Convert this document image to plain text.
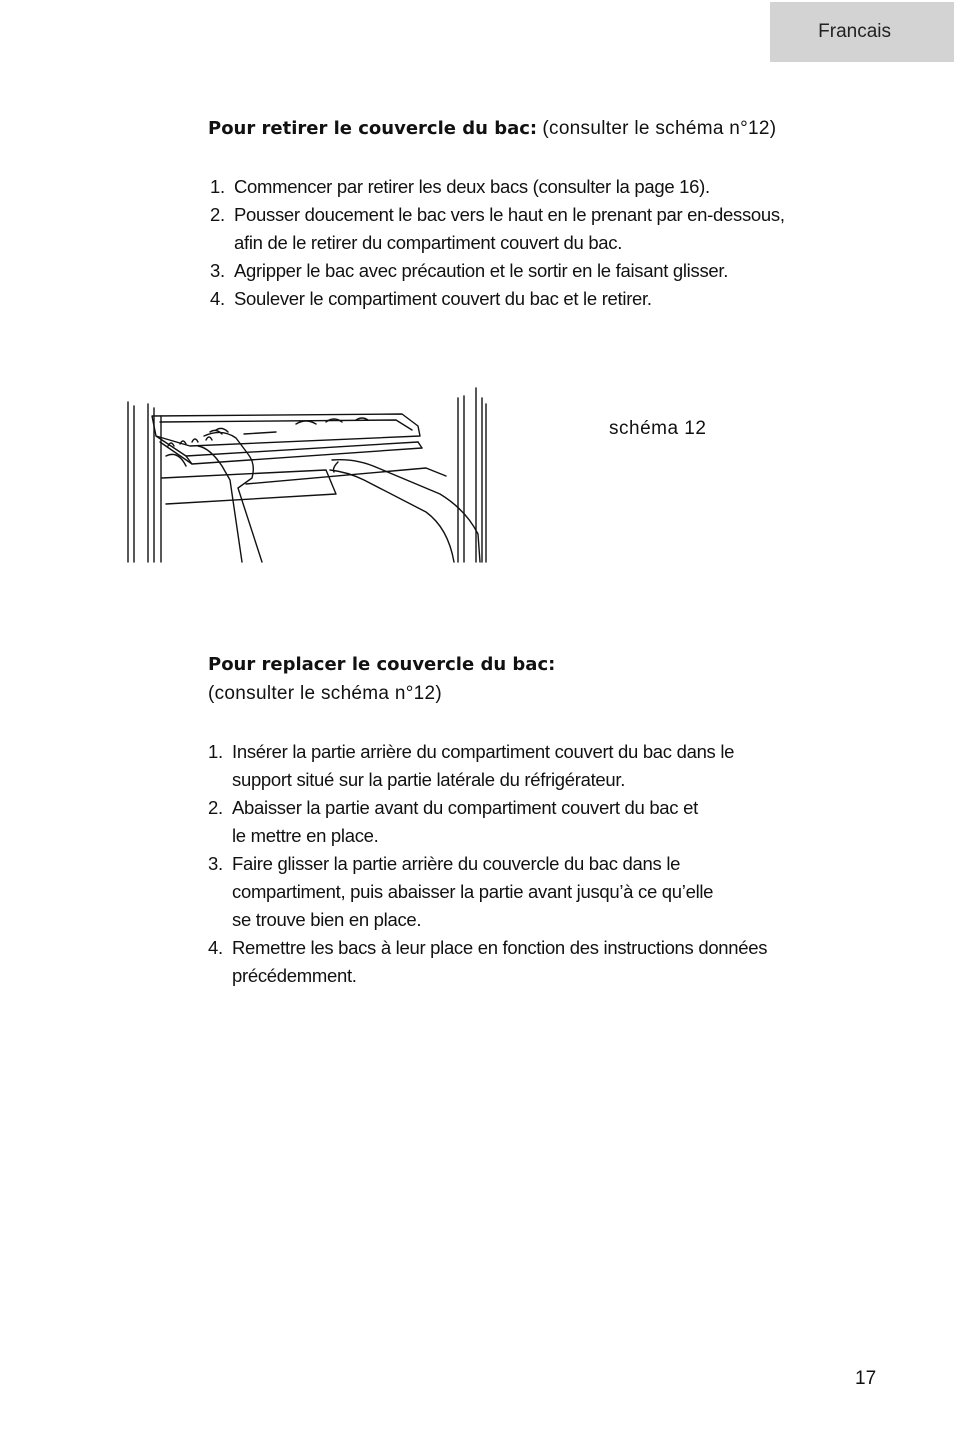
Francais
Pour retirer le couvercle du bac: (consulter le schéma n°12)
1. Commencer par retirer les deux bacs (consulter la page 16).
2. Pousser doucement le bac vers le haut en le prenant par en-dessous,
afin de le retirer du compartiment couvert du bac.
3. Agripper le bac avec précaution et le sortir en le faisant glisser.
4. Soulever le compartiment couvert du bac et le retirer.
schéma 12
Pour replacer le couvercle du bac:
(consulter le schéma n°12)
1. Insérer la partie arrière du compartiment couvert du bac dans le
support situé sur la partie latérale du réfrigérateur.
2. Abaisser la partie avant du compartiment couvert du bac et
le mettre en place.
3. Faire glisser la partie arrière du couvercle du bac dans le
compartiment, puis abaisser la partie avant jusqu’à ce qu’elle
se trouve bien en place.
4. Remettre les bacs à leur place en fonction des instructions données
précédemment.
17
